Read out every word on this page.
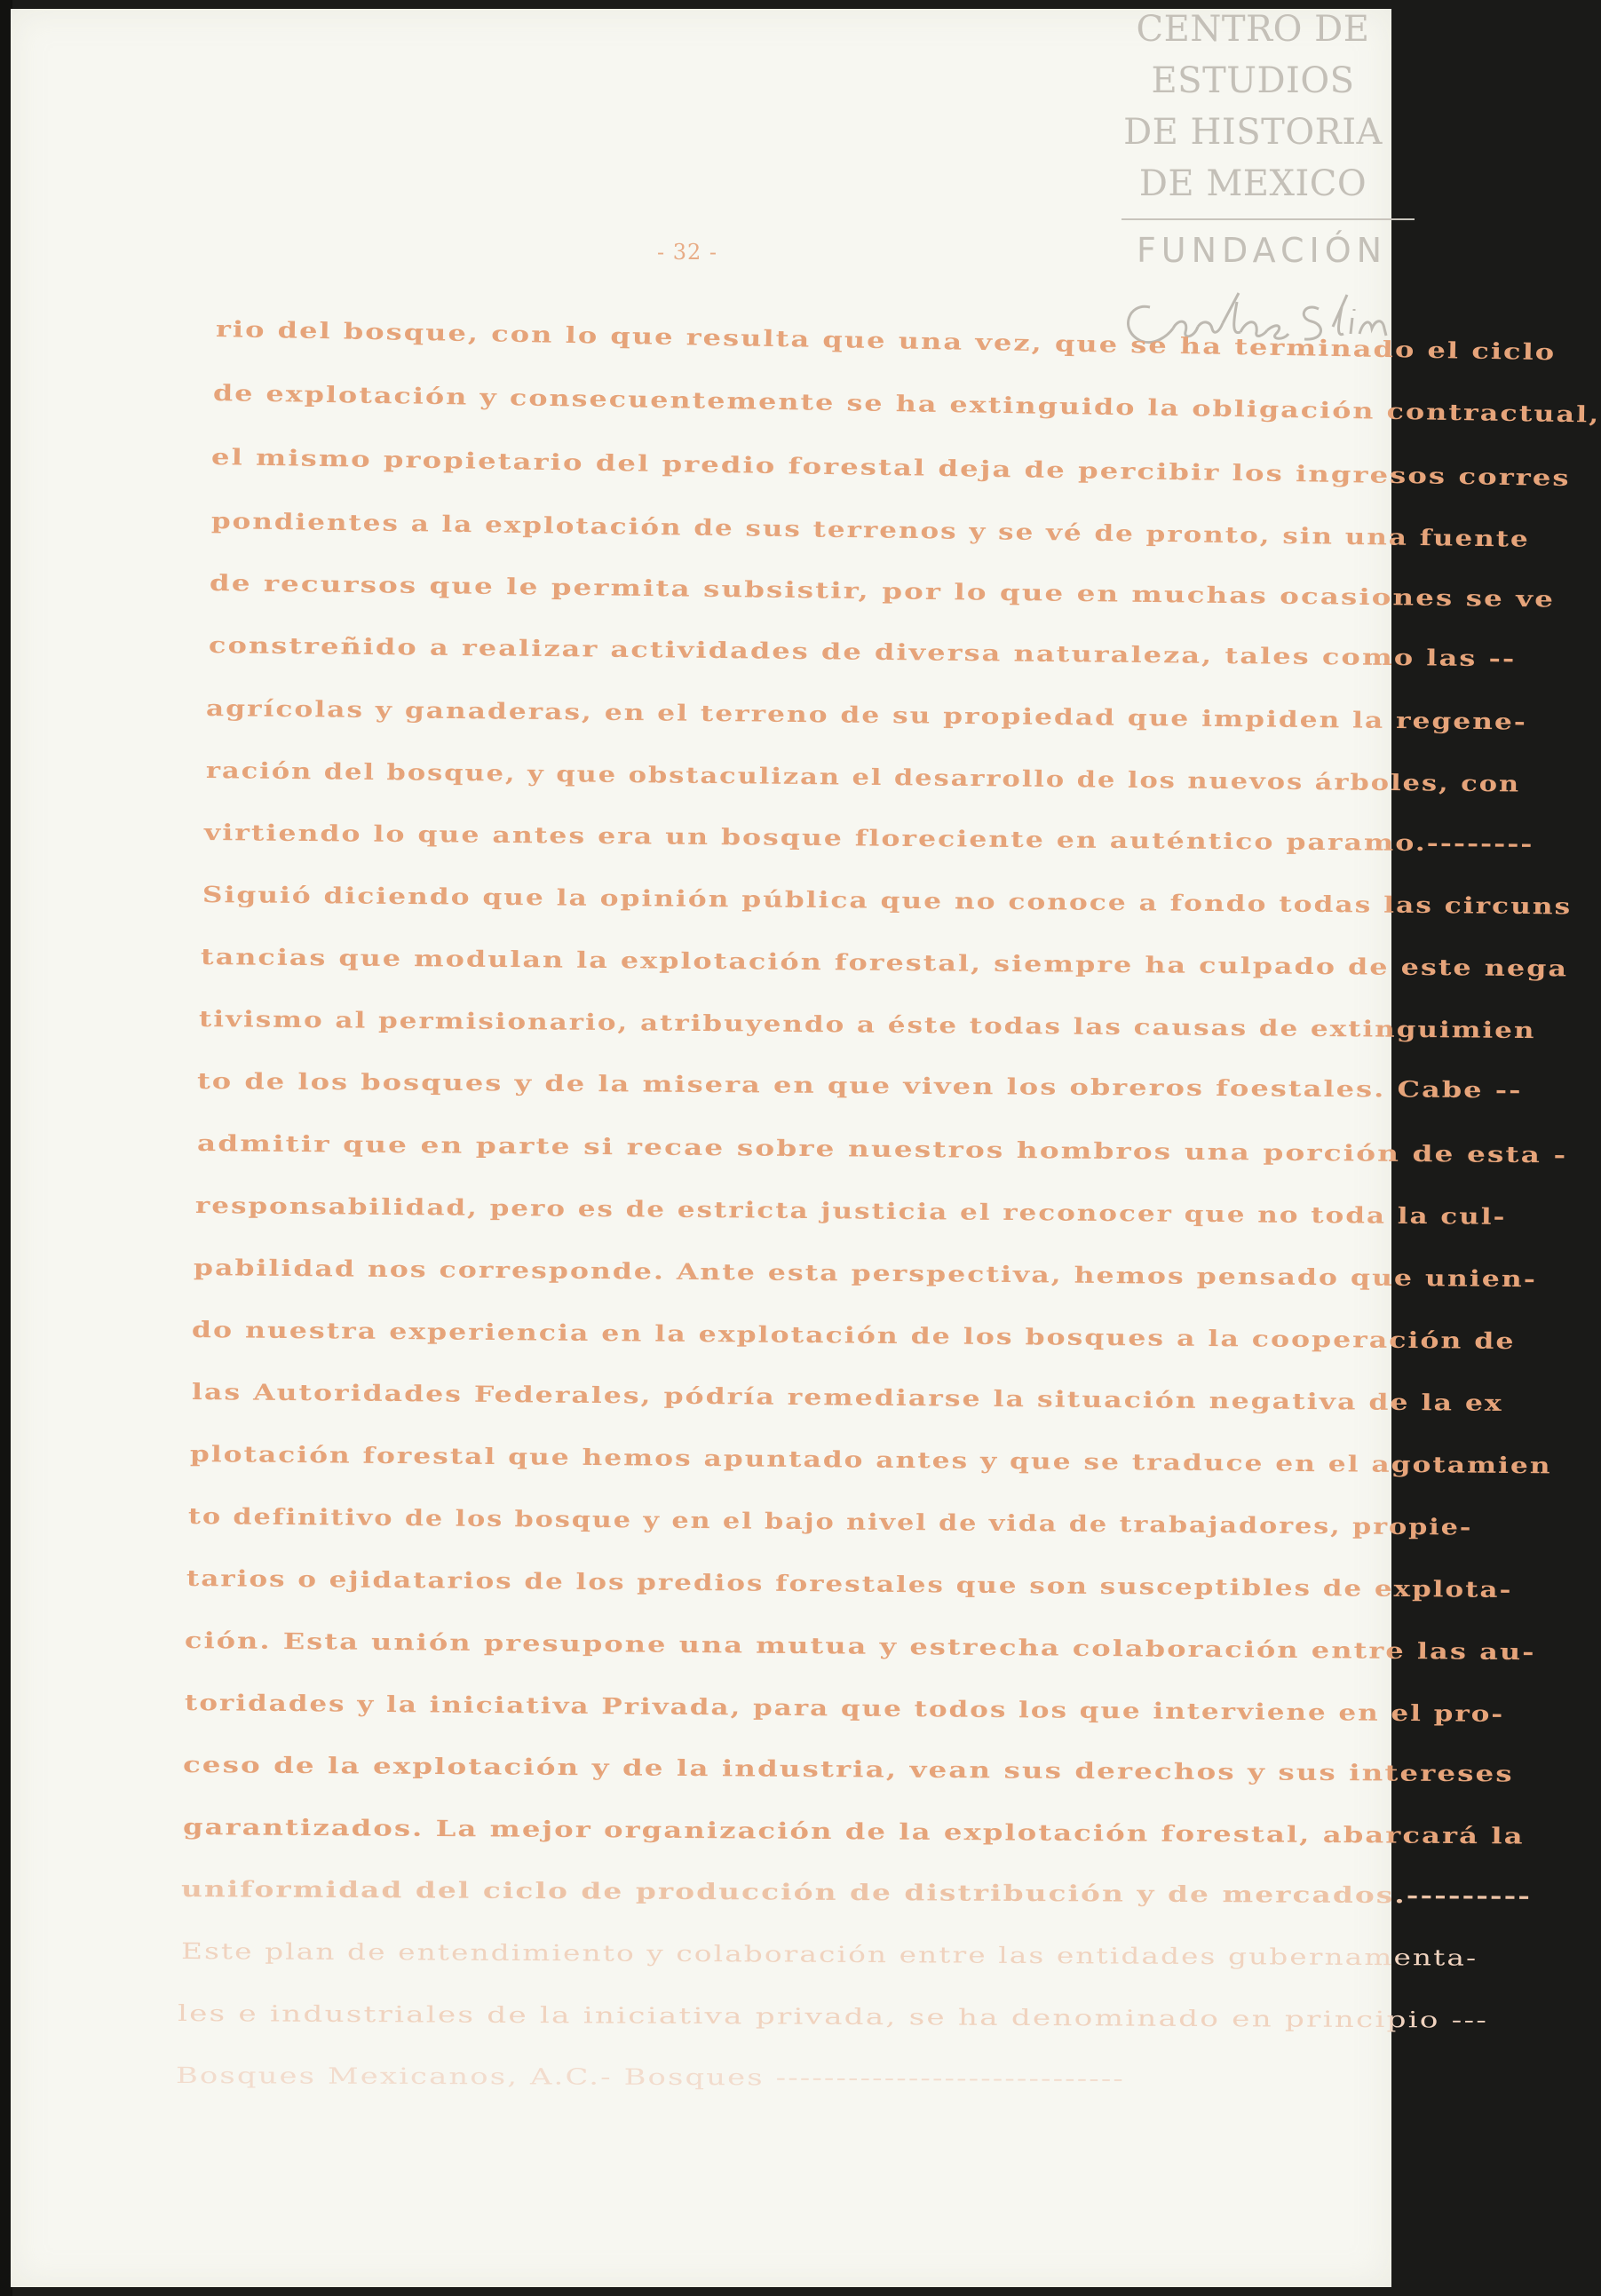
CENTRO DE
ESTUDIOS
DE HISTORIA
DE MEXICO
FUNDACIÓN
- 32 -
rio del bosque, con lo que resulta que una vez, que se ha terminado el ciclo
de explotación y consecuentemente se ha extinguido la obligación contractual,
el mismo propietario del predio forestal deja de percibir los ingresos corres
pondientes a la explotación de sus terrenos y se vé de pronto, sin una fuente
de recursos que le permita subsistir, por lo que en muchas ocasiones se ve
constreñido a realizar actividades de diversa naturaleza, tales como las --
agrícolas y ganaderas, en el terreno de su propiedad que impiden la regene-
ración del bosque, y que obstaculizan el desarrollo de los nuevos árboles, con
virtiendo lo que antes era un bosque floreciente en auténtico paramo.--------
Siguió diciendo que la opinión pública que no conoce a fondo todas las circuns
tancias que modulan la explotación forestal, siempre ha culpado de este nega
tivismo al permisionario, atribuyendo a éste todas las causas de extinguimien
to de los bosques y de la misera en que viven los obreros foestales. Cabe --
admitir que en parte si recae sobre nuestros hombros una porción de esta -
responsabilidad, pero es de estricta justicia el reconocer que no toda la cul-
pabilidad nos corresponde. Ante esta perspectiva, hemos pensado que unien-
do nuestra experiencia en la explotación de los bosques a la cooperación de
las Autoridades Federales, pódría remediarse la situación negativa de la ex
plotación forestal que hemos apuntado antes y que se traduce en el agotamien
to definitivo de los bosque y en el bajo nivel de vida de trabajadores, propie-
tarios o ejidatarios de los predios forestales que son susceptibles de explota-
ción. Esta unión presupone una mutua y estrecha colaboración entre las au-
toridades y la iniciativa Privada, para que todos los que interviene en el pro-
ceso de la explotación y de la industria, vean sus derechos y sus intereses
garantizados. La mejor organización de la explotación forestal, abarcará la
uniformidad del ciclo de producción de distribución y de mercados.---------
Este plan de entendimiento y colaboración entre las entidades gubernamenta-
les e industriales de la iniciativa privada, se ha denominado en principio ---
Bosques Mexicanos, A.C.- Bosques -----------------------------
